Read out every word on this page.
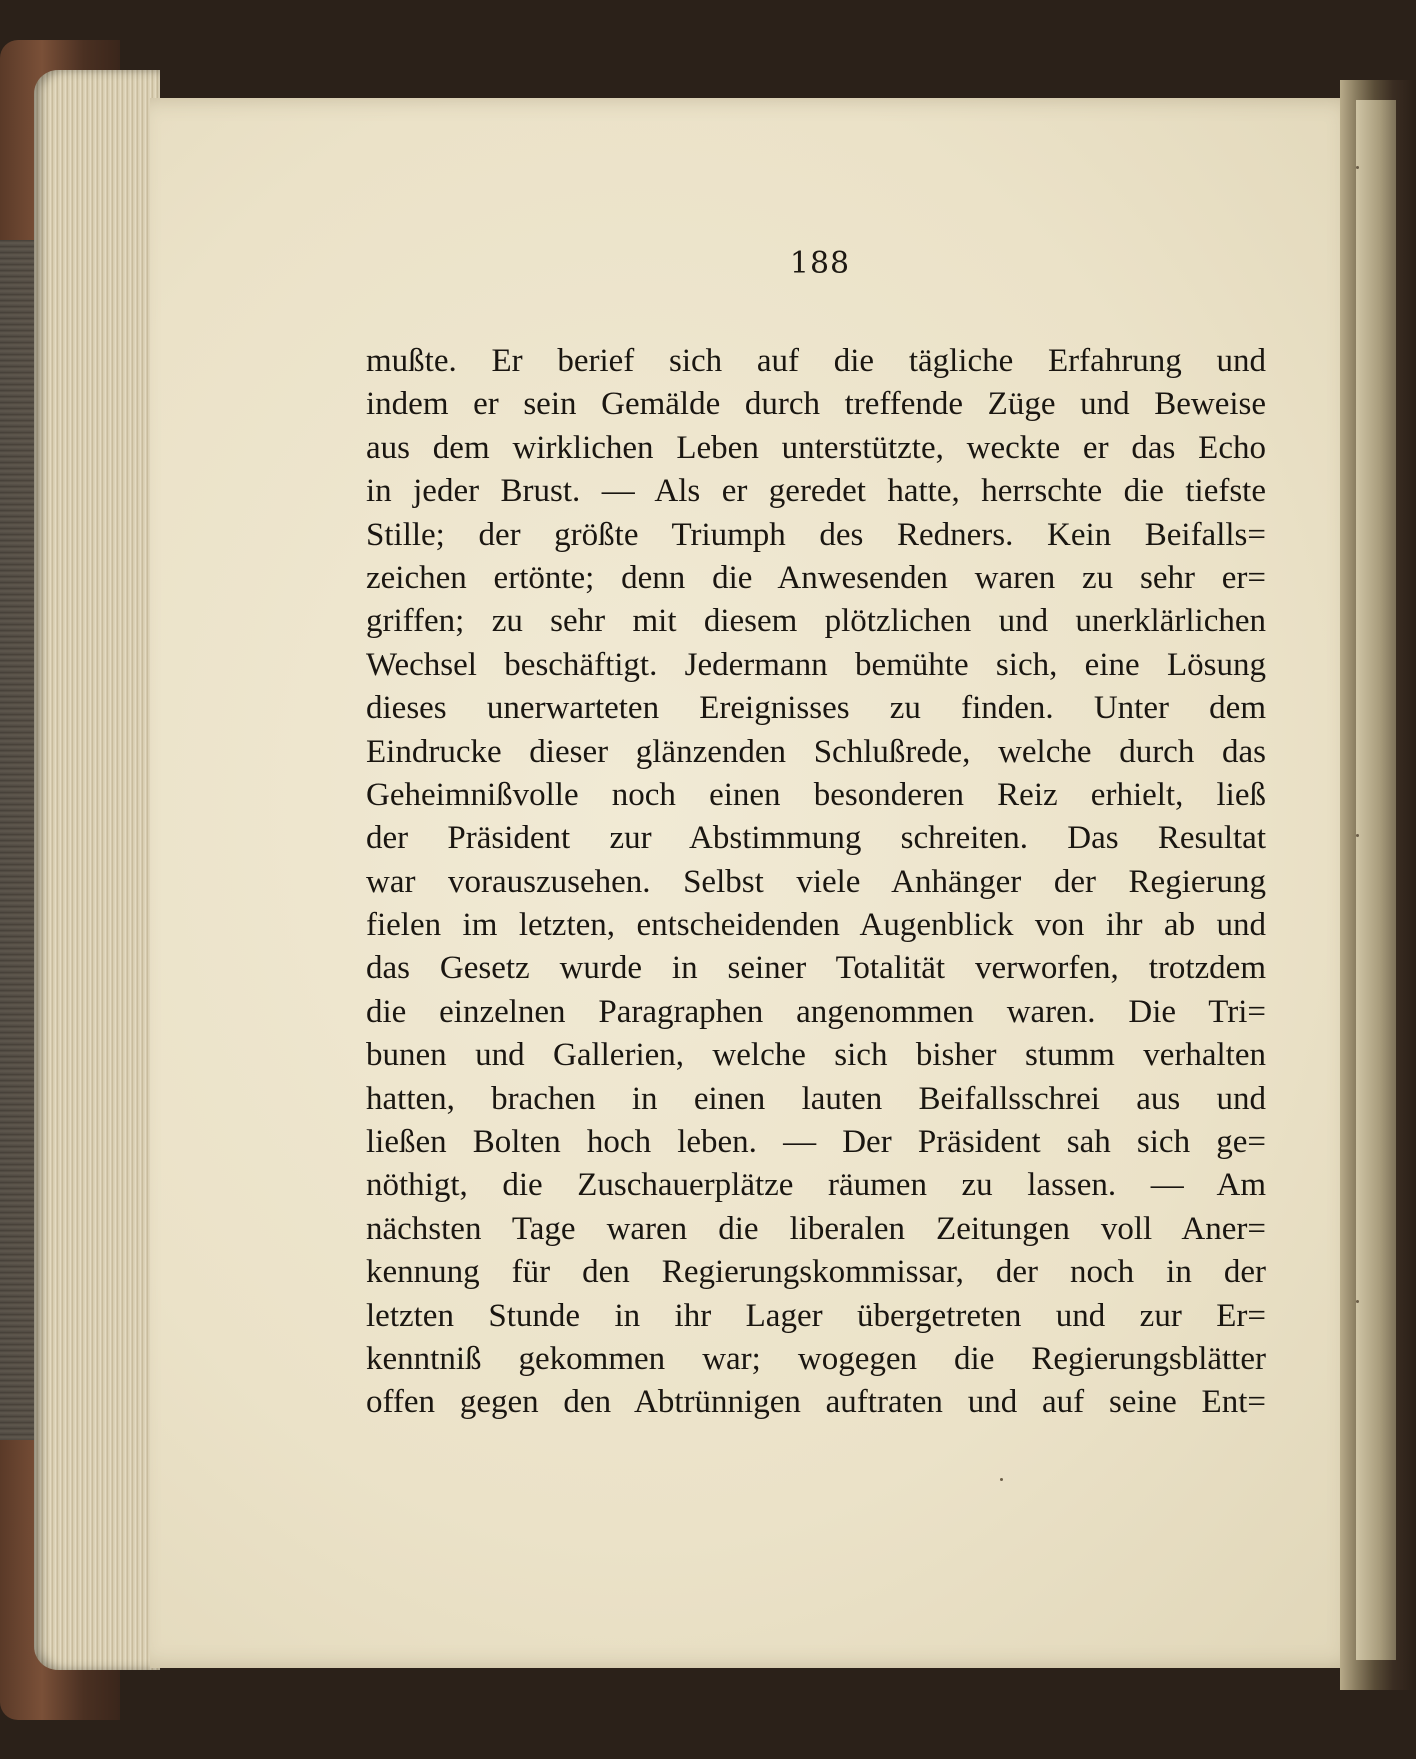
188
mußte. Er berief sich auf die tägliche Erfahrung und
indem er sein Gemälde durch treffende Züge und Beweise
aus dem wirklichen Leben unterstützte, weckte er das Echo
in jeder Brust. — Als er geredet hatte, herrschte die tiefste
Stille; der größte Triumph des Redners. Kein Beifalls=
zeichen ertönte; denn die Anwesenden waren zu sehr er=
griffen; zu sehr mit diesem plötzlichen und unerklärlichen
Wechsel beschäftigt. Jedermann bemühte sich, eine Lösung
dieses unerwarteten Ereignisses zu finden. Unter dem
Eindrucke dieser glänzenden Schlußrede, welche durch das
Geheimnißvolle noch einen besonderen Reiz erhielt, ließ
der Präsident zur Abstimmung schreiten. Das Resultat
war vorauszusehen. Selbst viele Anhänger der Regierung
fielen im letzten, entscheidenden Augenblick von ihr ab und
das Gesetz wurde in seiner Totalität verworfen, trotzdem
die einzelnen Paragraphen angenommen waren. Die Tri=
bunen und Gallerien, welche sich bisher stumm verhalten
hatten, brachen in einen lauten Beifallsschrei aus und
ließen Bolten hoch leben. — Der Präsident sah sich ge=
nöthigt, die Zuschauerplätze räumen zu lassen. — Am
nächsten Tage waren die liberalen Zeitungen voll Aner=
kennung für den Regierungskommissar, der noch in der
letzten Stunde in ihr Lager übergetreten und zur Er=
kenntniß gekommen war; wogegen die Regierungsblätter
offen gegen den Abtrünnigen auftraten und auf seine Ent=
